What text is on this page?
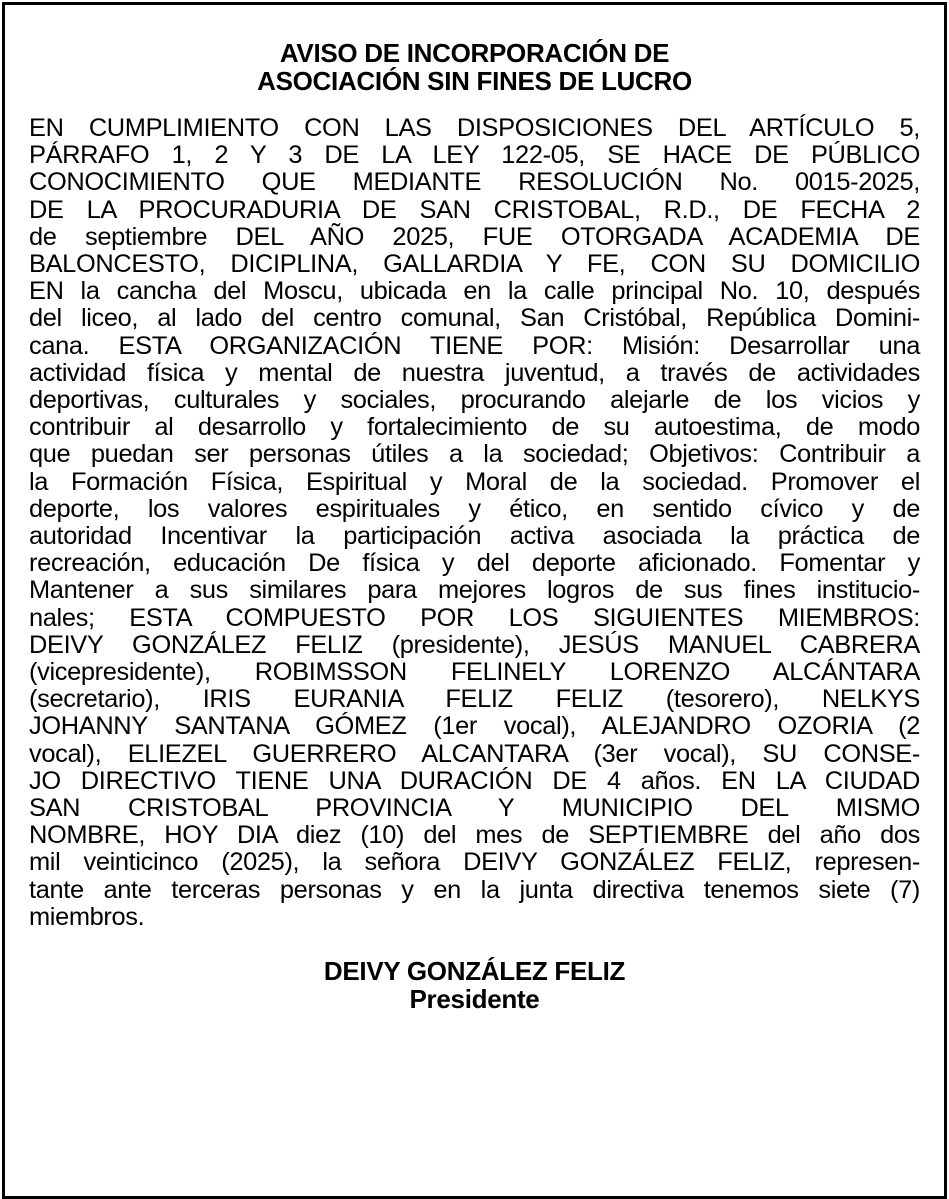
AVISO DE INCORPORACIÓN DE
ASOCIACIÓN SIN FINES DE LUCRO
EN CUMPLIMIENTO CON LAS DISPOSICIONES DEL ARTÍCULO 5,
PÁRRAFO 1, 2 Y 3 DE LA LEY 122-05, SE HACE DE PÚBLICO
CONOCIMIENTO QUE MEDIANTE RESOLUCIÓN No. 0015-2025,
DE LA PROCURADURIA DE SAN CRISTOBAL, R.D., DE FECHA 2
de septiembre DEL AÑO 2025, FUE OTORGADA ACADEMIA DE
BALONCESTO, DICIPLINA, GALLARDIA Y FE, CON SU DOMICILIO
EN la cancha del Moscu, ubicada en la calle principal No. 10, después
del liceo, al lado del centro comunal, San Cristóbal, República Domini-
cana. ESTA ORGANIZACIÓN TIENE POR: Misión: Desarrollar una
actividad física y mental de nuestra juventud, a través de actividades
deportivas, culturales y sociales, procurando alejarle de los vicios y
contribuir al desarrollo y fortalecimiento de su autoestima, de modo
que puedan ser personas útiles a la sociedad; Objetivos: Contribuir a
la Formación Física, Espiritual y Moral de la sociedad. Promover el
deporte, los valores espirituales y ético, en sentido cívico y de
autoridad Incentivar la participación activa asociada la práctica de
recreación, educación De física y del deporte aficionado. Fomentar y
Mantener a sus similares para mejores logros de sus fines institucio-
nales; ESTA COMPUESTO POR LOS SIGUIENTES MIEMBROS:
DEIVY GONZÁLEZ FELIZ (presidente), JESÚS MANUEL CABRERA
(vicepresidente), ROBIMSSON FELINELY LORENZO ALCÁNTARA
(secretario), IRIS EURANIA FELIZ FELIZ (tesorero), NELKYS
JOHANNY SANTANA GÓMEZ (1er vocal), ALEJANDRO OZORIA (2
vocal), ELIEZEL GUERRERO ALCANTARA (3er vocal), SU CONSE-
JO DIRECTIVO TIENE UNA DURACIÓN DE 4 años. EN LA CIUDAD
SAN CRISTOBAL PROVINCIA Y MUNICIPIO DEL MISMO
NOMBRE, HOY DIA diez (10) del mes de SEPTIEMBRE del año dos
mil veinticinco (2025), la señora DEIVY GONZÁLEZ FELIZ, represen-
tante ante terceras personas y en la junta directiva tenemos siete (7)
miembros.
DEIVY GONZÁLEZ FELIZ
Presidente
